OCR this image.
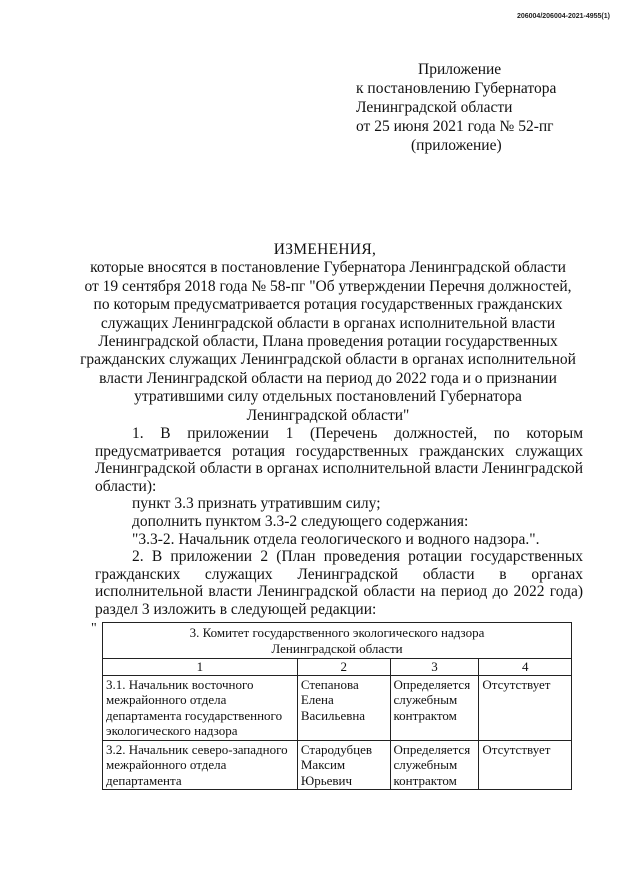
206004/206004-2021-4955(1)
Приложение
к постановлению Губернатора
Ленинградской области
от 25 июня 2021 года № 52-пг
(приложение)
ИЗМЕНЕНИЯ,
которые вносятся в постановление Губернатора Ленинградской области
от 19 сентября 2018 года № 58-пг "Об утверждении Перечня должностей,
по которым предусматривается ротация государственных гражданских
служащих Ленинградской области в органах исполнительной власти
Ленинградской области, Плана проведения ротации государственных
гражданских служащих Ленинградской области в органах исполнительной
власти Ленинградской области на период до 2022 года и о признании
утратившими силу отдельных постановлений Губернатора
Ленинградской области"

1. В приложении 1 (Перечень должностей, по которым предусматривается ротация государственных гражданских служащих Ленинградской области в органах исполнительной власти Ленинградской области):

пункт 3.3 признать утратившим силу;

дополнить пунктом 3.3-2 следующего содержания:

"3.3-2. Начальник отдела геологического и водного надзора.".

2. В приложении 2 (План проведения ротации государственных гражданских служащих Ленинградской области в органах исполнительной власти Ленинградской области на период до 2022 года) раздел 3 изложить в следующей редакции:

"	3. Комитет государственного экологического надзора
Ленинградской области			

1	2	3	4
3.1. Начальник восточного межрайонного отдела департамента государственного экологического надзора	Степанова Елена Васильевна	Определяется служебным контрактом	Отсутствует
3.2. Начальник северо-западного межрайонного отдела департамента	Стародубцев Максим Юрьевич	Определяется служебным контрактом	Отсутствует
